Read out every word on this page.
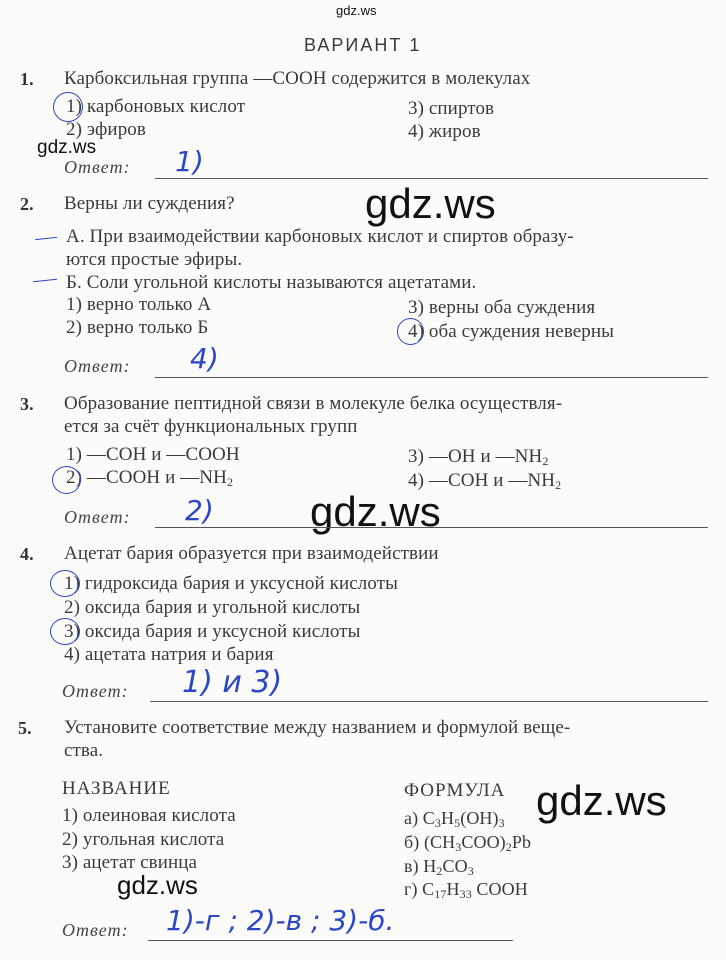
gdz.ws
gdz.ws
gdz.ws
gdz.ws
gdz.ws
gdz.ws
ВАРИАНТ 1
1. Карбоксильная группа —СООН содержится в молекулах
1) карбоновых кислот
2) эфиров
3) спиртов
4) жиров
Ответ: 1)
2. Верны ли суждения?
А. При взаимодействии карбоновых кислот и спиртов образу-
ются простые эфиры.
Б. Соли угольной кислоты называются ацетатами.
1) верно только А
2) верно только Б
3) верны оба суждения
4) оба суждения неверны
Ответ: 4)
3. Образование пептидной связи в молекуле белка осуществля-
ется за счёт функциональных групп
1) —СОН и —СООН
2) —СООН и $—NH_2$
3) —ОН и $—NH_2$
4) —СОН и $—NH_2$
Ответ: 2)
4. Ацетат бария образуется при взаимодействии
1) гидроксида бария и уксусной кислоты
2) оксида бария и угольной кислоты
3) оксида бария и уксусной кислоты
4) ацетата натрия и бария
Ответ: 1) и 3)
5. Установите соответствие между названием и формулой веще-
ства.
НАЗВАНИЕ
1) олеиновая кислота
2) угольная кислота
3) ацетат свинца
ФОРМУЛА
а) $C_3H_5(OH)_3$
б) $(CH_3COO)_2Pb$
в) $H_2CO_3$
г) $C_{17}H_{33}$ COOH
Ответ: 1)-г ; 2)-в ; 3)-б.
